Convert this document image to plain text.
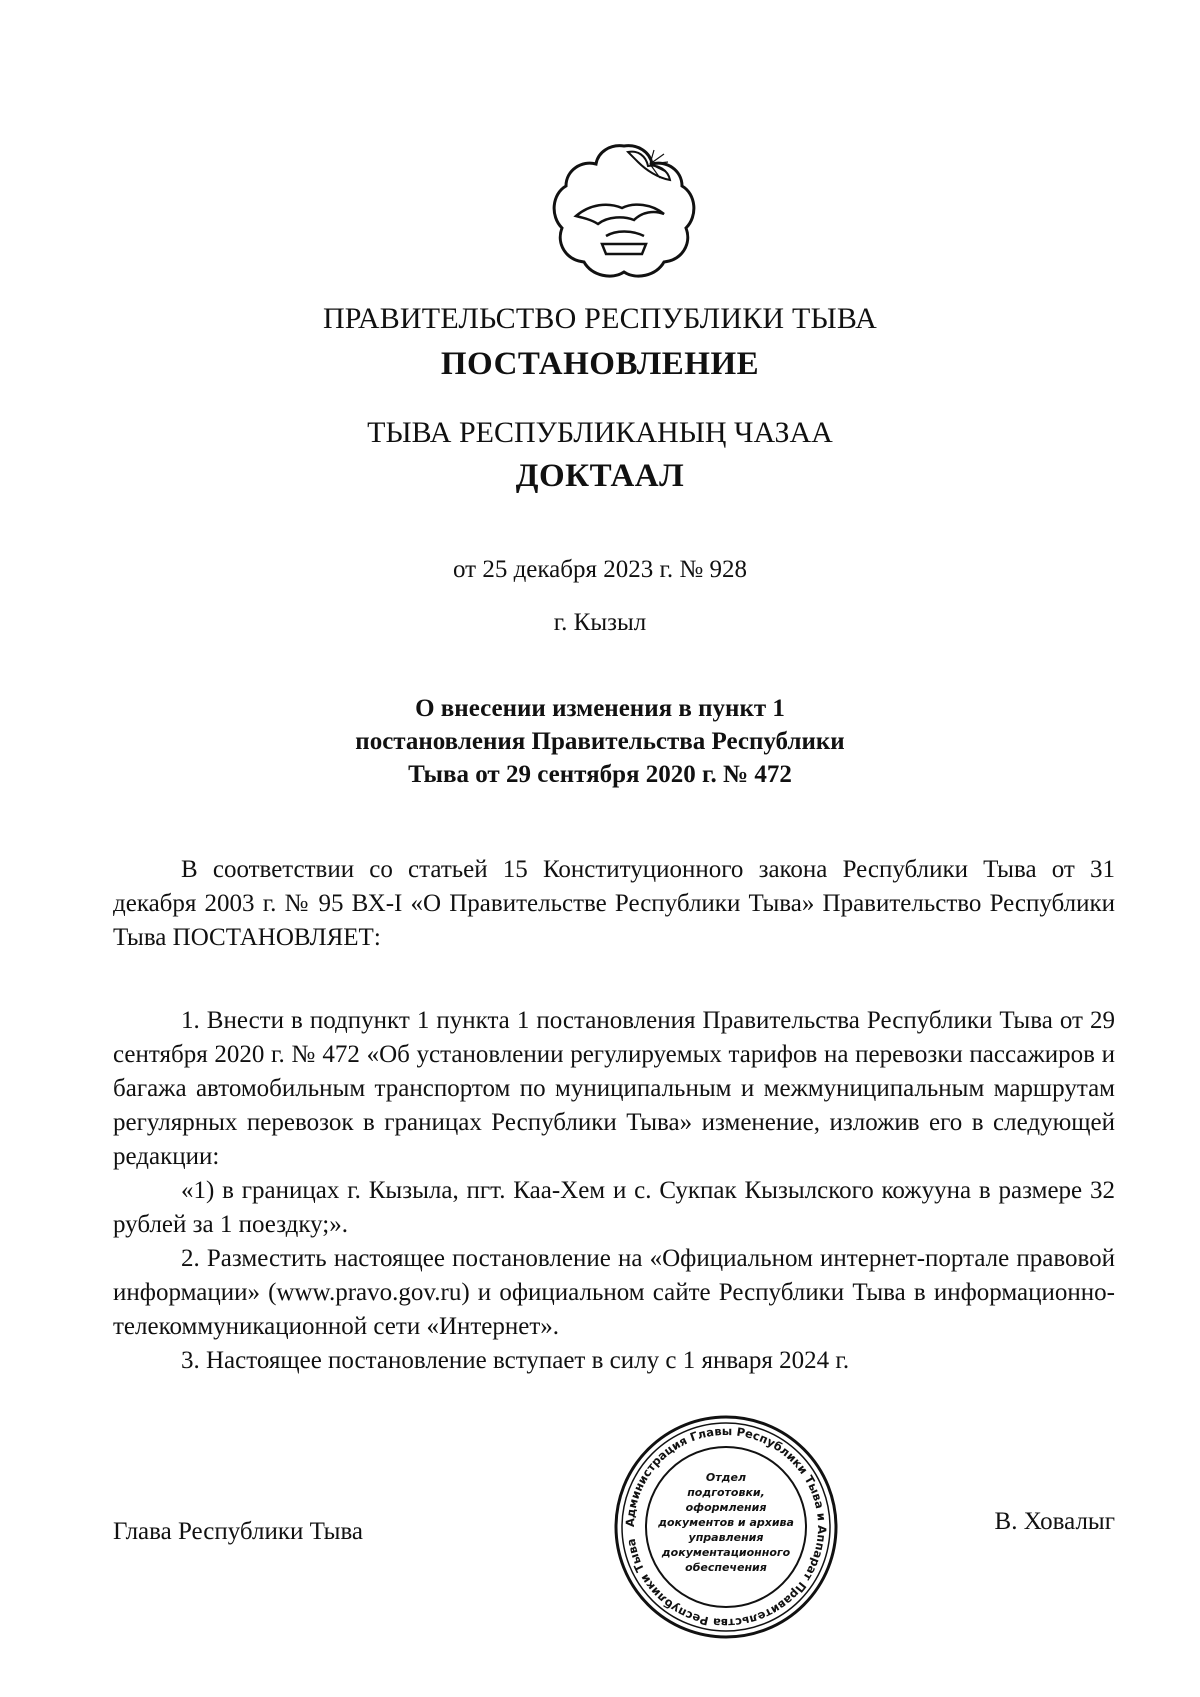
ПРАВИТЕЛЬСТВО РЕСПУБЛИКИ ТЫВА
ПОСТАНОВЛЕНИЕ
ТЫВА РЕСПУБЛИКАНЫҢ ЧАЗАА
ДОКТААЛ
от 25 декабря 2023 г. № 928
г. Кызыл
О внесении изменения в пункт 1
постановления Правительства Республики
Тыва от 29 сентября 2020 г. № 472

В соответствии со статьей 15 Конституционного закона Республики Тыва от 31 декабря 2003 г. № 95 ВХ-I «О Правительстве Республики Тыва» Правительство Республики Тыва ПОСТАНОВЛЯЕТ:

1. Внести в подпункт 1 пункта 1 постановления Правительства Республики Тыва от 29 сентября 2020 г. № 472 «Об установлении регулируемых тарифов на перевозки пассажиров и багажа автомобильным транспортом по муниципальным и межмуниципальным маршрутам регулярных перевозок в границах Республики Тыва» изменение, изложив его в следующей редакции:

«1) в границах г. Кызыла, пгт. Каа-Хем и с. Сукпак Кызылского кожууна в размере 32 рублей за 1 поездку;».

2. Разместить настоящее постановление на «Официальном интернет-портале правовой информации» (www.pravo.gov.ru) и официальном сайте Республики Тыва в информационно-телекоммуникационной сети «Интернет».

3. Настоящее постановление вступает в силу с 1 января 2024 г.

Глава Республики Тыва	В. Ховалыг
Администрация Главы Республики Тыва и Аппарат Правительства Республики Тыва
Отдел
подготовки,
оформления
документов и архива
управления
документационного
обеспечения
